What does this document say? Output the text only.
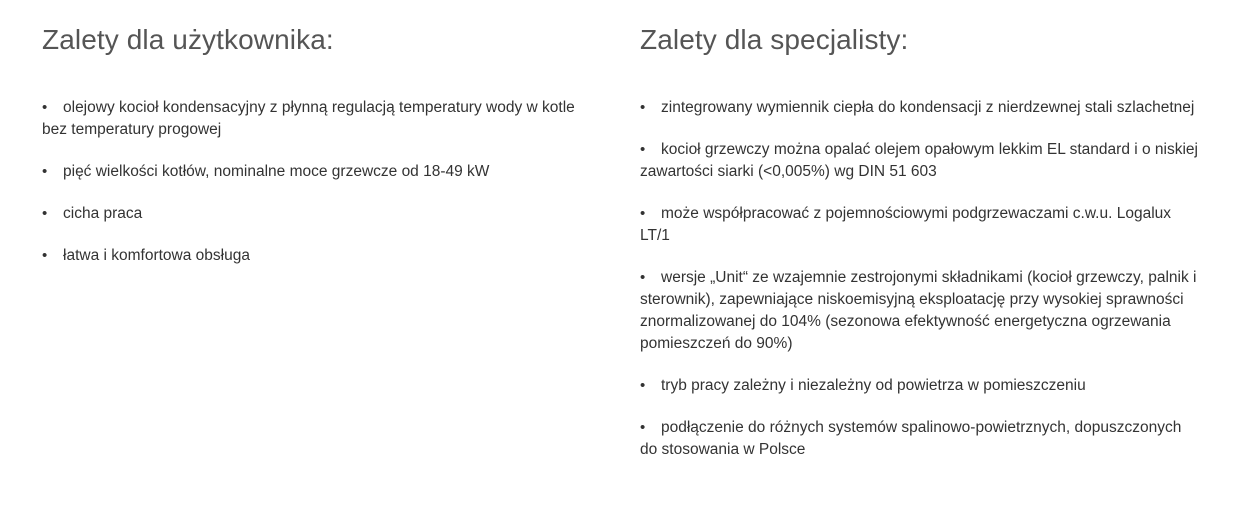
Zalety dla użytkownika:
• olejowy kocioł kondensacyjny z płynną regulacją temperatury wody w kotle bez temperatury progowej
• pięć wielkości kotłów, nominalne moce grzewcze od 18-49 kW
• cicha praca
• łatwa i komfortowa obsługa
Zalety dla specjalisty:
• zintegrowany wymiennik ciepła do kondensacji z nierdzewnej stali szlachetnej
• kocioł grzewczy można opalać olejem opałowym lekkim EL standard i o niskiej zawartości siarki (<0,005%) wg DIN 51 603
• może współpracować z pojemnościowymi podgrzewaczami c.w.u. Logalux LT/1
• wersje „Unit“ ze wzajemnie zestrojonymi składnikami (kocioł grzewczy, palnik i sterownik), zapewniające niskoemisyjną eksploatację przy wysokiej sprawności znormalizowanej do 104% (sezonowa efektywność energetyczna ogrzewania pomieszczeń do 90%)
• tryb pracy zależny i niezależny od powietrza w pomieszczeniu
• podłączenie do różnych systemów spalinowo-powietrznych, dopuszczonych do stosowania w Polsce
